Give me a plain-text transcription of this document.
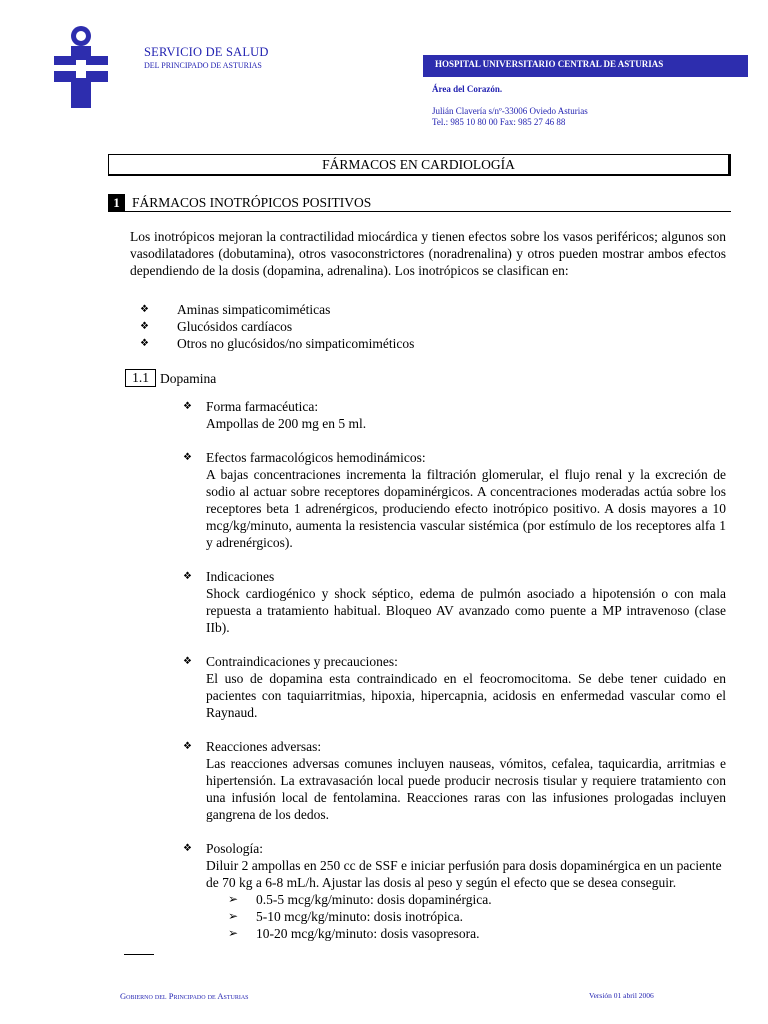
SERVICIO DE SALUD
DEL PRINCIPADO DE ASTURIAS	HOSPITAL UNIVERSITARIO CENTRAL DE ASTURIAS
Área del Corazón.
Julián Clavería s/nº-33006 Oviedo Asturias
Tel.: 985 10 80 00 Fax: 985 27 46 88
FÁRMACOS EN CARDIOLOGÍA
1 FÁRMACOS INOTRÓPICOS POSITIVOS
Los inotrópicos mejoran la contractilidad miocárdica y tienen efectos sobre los vasos periféricos; algunos son vasodilatadores (dobutamina), otros vasoconstrictores (noradrenalina) y otros pueden mostrar ambos efectos dependiendo de la dosis (dopamina, adrenalina). Los inotrópicos se clasifican en:
❖ Aminas simpaticomiméticas
❖ Glucósidos cardíacos
❖ Otros no glucósidos/no simpaticomiméticos
1.1 Dopamina
❖ Forma farmacéutica:
Ampollas de 200 mg en 5 ml.
❖ Efectos farmacológicos hemodinámicos:
A bajas concentraciones incrementa la filtración glomerular, el flujo renal y la excreción de sodio al actuar sobre receptores dopaminérgicos. A concentraciones moderadas actúa sobre los receptores beta 1 adrenérgicos, produciendo efecto inotrópico positivo. A dosis mayores a 10 mcg/kg/minuto, aumenta la resistencia vascular sistémica (por estímulo de los receptores alfa 1 y adrenérgicos).
❖ Indicaciones
Shock cardiogénico y shock séptico, edema de pulmón asociado a hipotensión o con mala repuesta a tratamiento habitual. Bloqueo AV avanzado como puente a MP intravenoso (clase IIb).
❖ Contraindicaciones y precauciones:
El uso de dopamina esta contraindicado en el feocromocitoma. Se debe tener cuidado en pacientes con taquiarritmias, hipoxia, hipercapnia, acidosis en enfermedad vascular como el Raynaud.
❖ Reacciones adversas:
Las reacciones adversas comunes incluyen nauseas, vómitos, cefalea, taquicardia, arritmias e hipertensión. La extravasación local puede producir necrosis tisular y requiere tratamiento con una infusión local de fentolamina. Reacciones raras con las infusiones prologadas incluyen gangrena de los dedos.
❖ Posología:
Diluir 2 ampollas en 250 cc de SSF e iniciar perfusión para dosis dopaminérgica en un paciente de 70 kg a 6-8 mL/h. Ajustar las dosis al peso y según el efecto que se desea conseguir.
➢ 0.5-5 mcg/kg/minuto: dosis dopaminérgica.
➢ 5-10 mcg/kg/minuto: dosis inotrópica.
➢ 10-20 mcg/kg/minuto: dosis vasopresora.
Gobierno del Principado de Asturias	Versión 01 abril 2006
